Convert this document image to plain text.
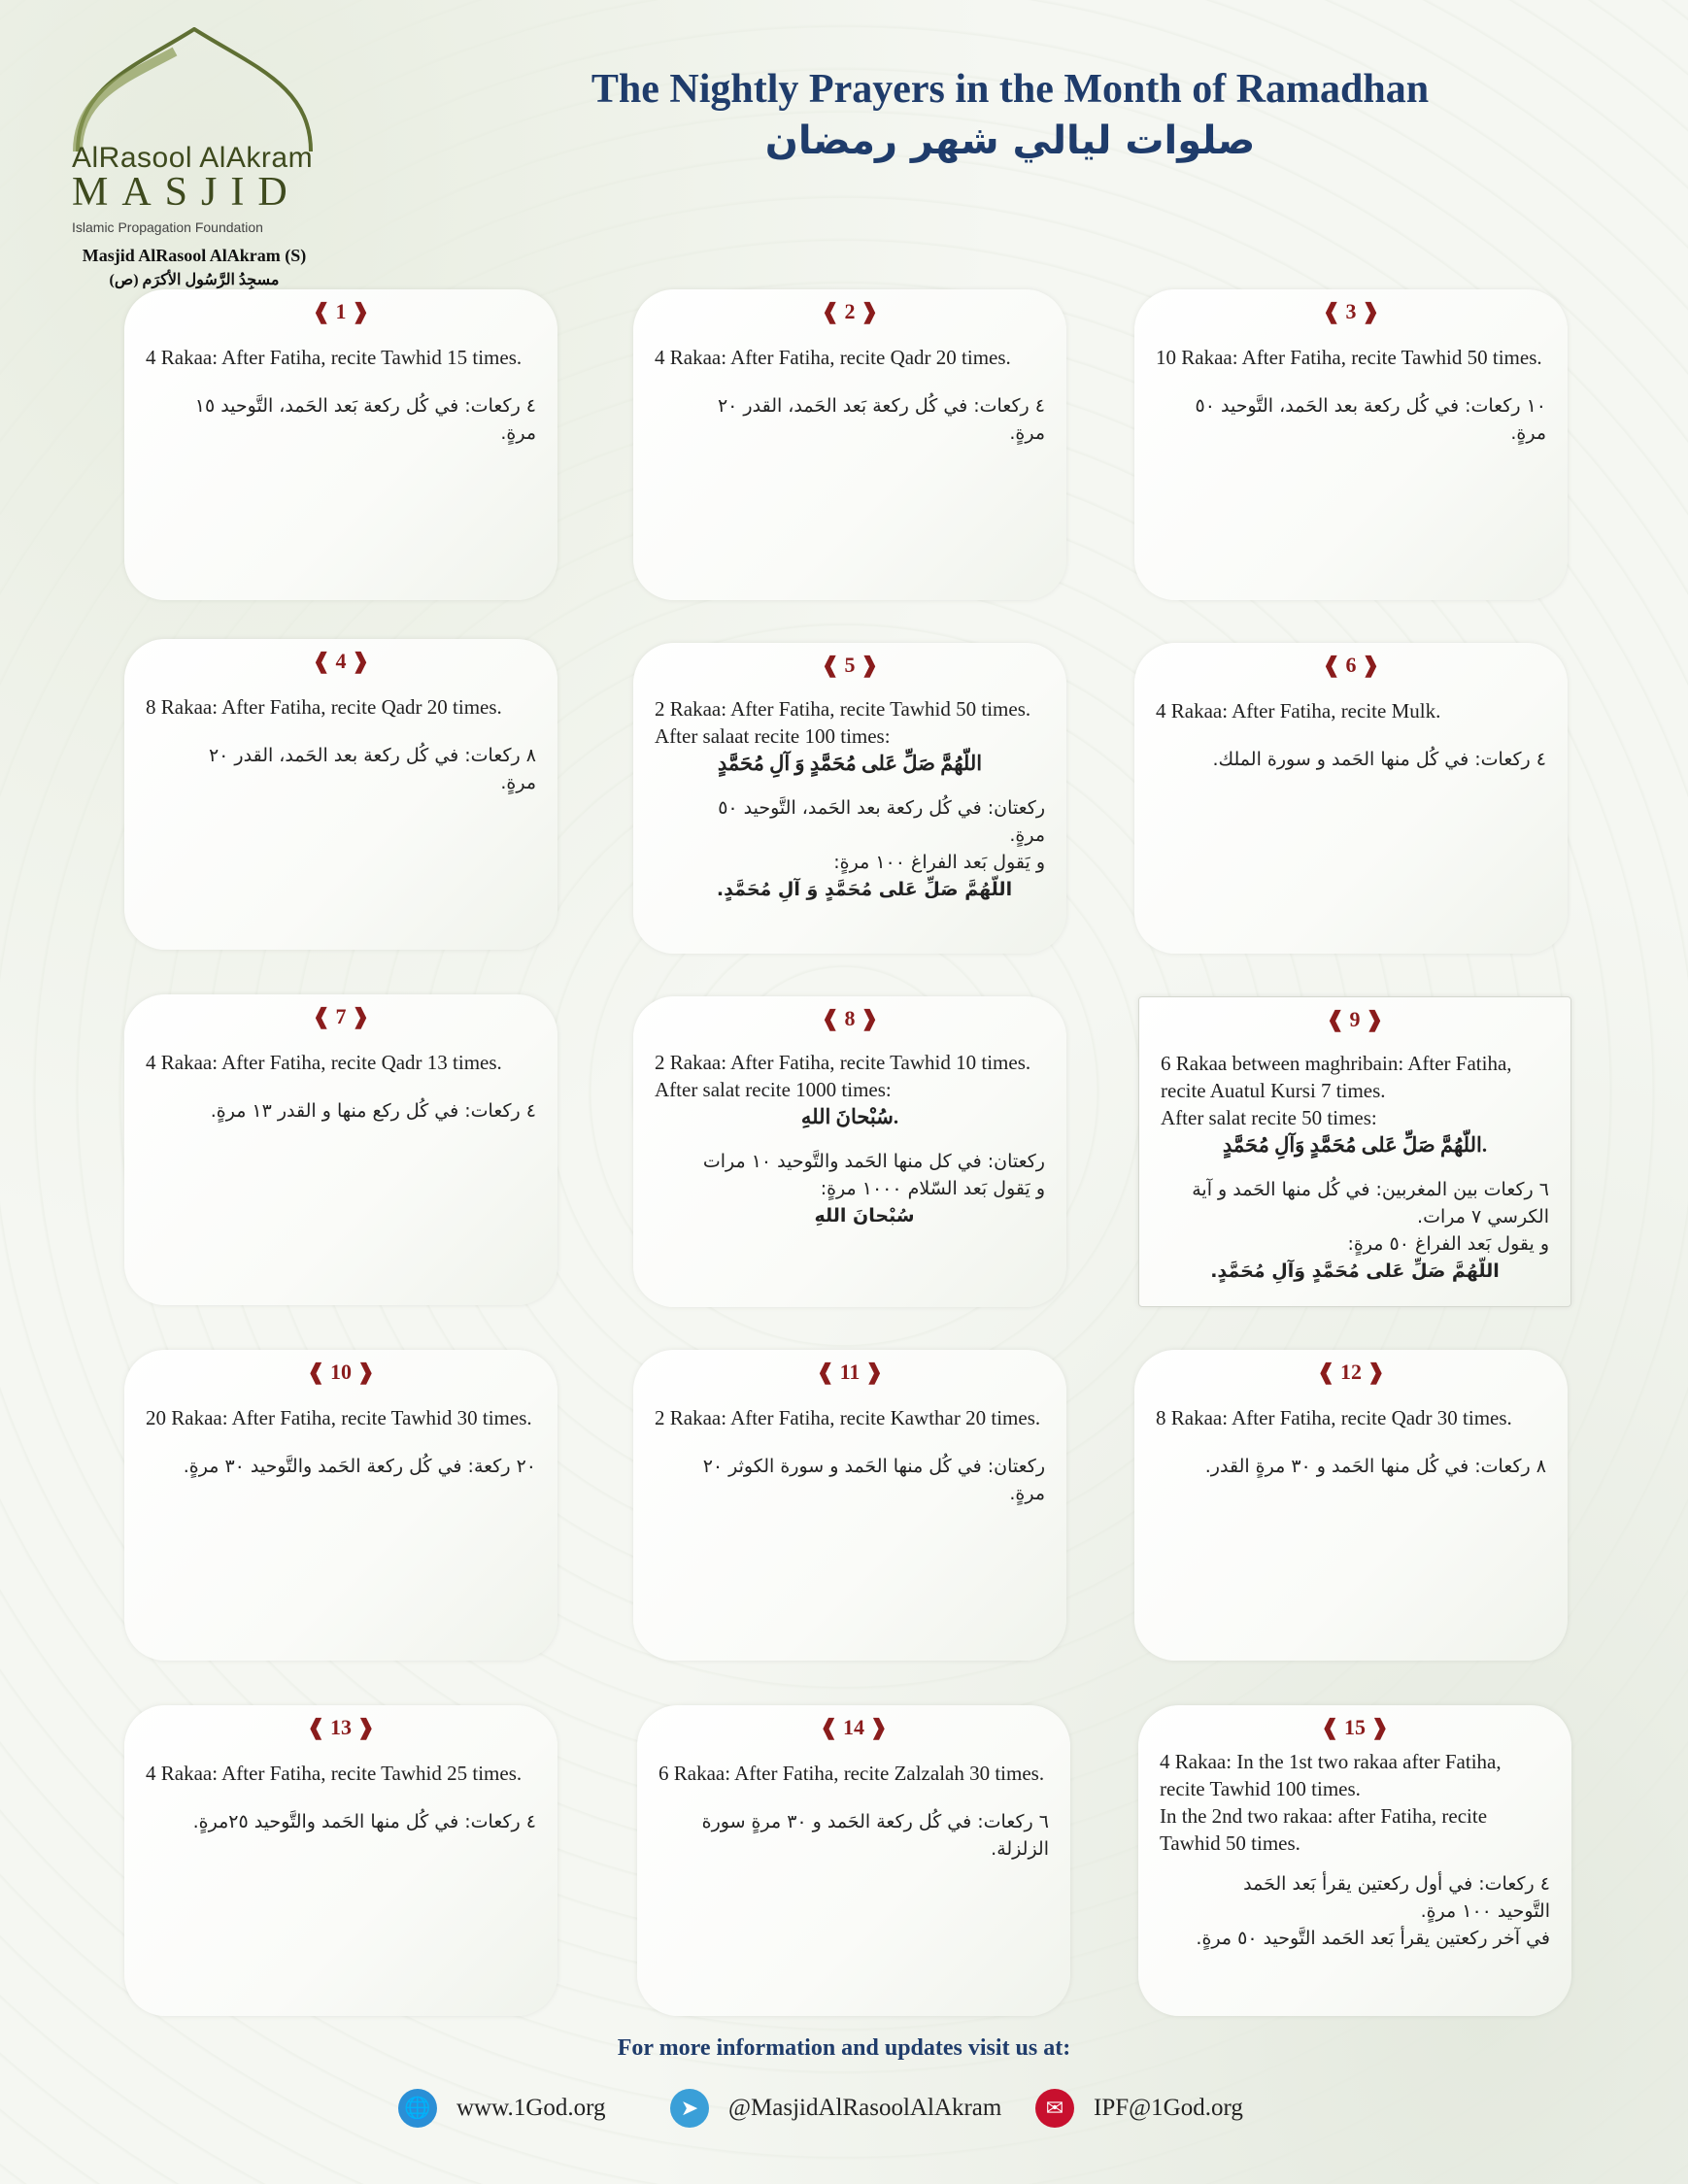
AlRasool AlAkram
MASJID
Islamic Propagation Foundation
Masjid AlRasool AlAkram (S)
مسجِدُ الرَّسُول الأكرَم (ص)
The Nightly Prayers in the Month of Ramadhan
صلوات ليالي شهر رمضان
❰ 1 ❱
4 Rakaa: After Fatiha, recite Tawhid 15 times.
٤ ركعات: في كُل ركعة بَعد الحَمد، التَّوحيد ١٥ مرةٍ.
❰ 2 ❱
4 Rakaa: After Fatiha, recite Qadr 20 times.
٤ ركعات: في كُل ركعة بَعد الحَمد، القدر ٢٠ مرةٍ.
❰ 3 ❱
10 Rakaa: After Fatiha, recite Tawhid 50 times.
١٠ ركعات: في كُل ركعة بعد الحَمد، التَّوحيد ٥٠ مرةٍ.
❰ 4 ❱
8 Rakaa: After Fatiha, recite Qadr 20 times.
٨ ركعات: في كُل ركعة بعد الحَمد، القدر ٢٠ مرةٍ.
❰ 5 ❱
2 Rakaa: After Fatiha, recite Tawhid 50 times.
After salaat recite 100 times:
اللّهُمَّ صَلِّ عَلى مُحَمَّدٍ وَ آلِ مُحَمَّدٍ
ركعتان: في كُل ركعة بعد الحَمد، التَّوحيد ٥٠ مرةٍ.
و يَقول بَعد الفراغ ١٠٠ مرةٍ:
اللّهُمَّ صَلِّ عَلى مُحَمَّدٍ وَ آلِ مُحَمَّدٍ.
❰ 6 ❱
4 Rakaa: After Fatiha, recite Mulk.
٤ ركعات: في كُل منها الحَمد و سورة الملك.
❰ 7 ❱
4 Rakaa: After Fatiha, recite Qadr 13 times.
٤ ركعات: في كُل ركع منها و القدر ١٣ مرةٍ.
❰ 8 ❱
2 Rakaa: After Fatiha, recite Tawhid 10 times.
After salat recite 1000 times:
سُبْحانَ اللهِ.
ركعتان: في كل منها الحَمد والتَّوحيد ١٠ مرات
و يَقول بَعد السّلام ١٠٠٠ مرةٍ:
سُبْحانَ اللهِ
❰ 9 ❱
6 Rakaa between maghribain: After Fatiha, recite Auatul Kursi 7 times.
After salat recite 50 times:
اللّهُمَّ صَلِّ عَلى مُحَمَّدٍ وَآلِ مُحَمَّدٍ.
٦ ركعات بين المغربين: في كُل منها الحَمد و آية الكرسي ٧ مرات.
و يقول بَعد الفراغ ٥٠ مرةٍ:
اللّهُمَّ صَلِّ عَلى مُحَمَّدٍ وَآلِ مُحَمَّدٍ.
❰ 10 ❱
20 Rakaa: After Fatiha, recite Tawhid 30 times.
٢٠ ركعة: في كُل ركعة الحَمد والتَّوحيد ٣٠ مرةٍ.
❰ 11 ❱
2 Rakaa: After Fatiha, recite Kawthar 20 times.
ركعتان: في كُل منها الحَمد و سورة الكوثر ٢٠ مرةٍ.
❰ 12 ❱
8 Rakaa: After Fatiha, recite Qadr 30 times.
٨ ركعات: في كُل منها الحَمد و ٣٠ مرةٍ القدر.
❰ 13 ❱
4 Rakaa: After Fatiha, recite Tawhid 25 times.
٤ ركعات: في كُل منها الحَمد والتَّوحيد ٢٥مرةٍ.
❰ 14 ❱
6 Rakaa: After Fatiha, recite Zalzalah 30 times.
٦ ركعات: في كُل ركعة الحَمد و ٣٠ مرةٍ سورة الزلزلة.
❰ 15 ❱
4 Rakaa: In the 1st two rakaa after Fatiha, recite Tawhid 100 times.
In the 2nd two rakaa: after Fatiha, recite Tawhid 50 times.
٤ ركعات: في أول ركعتين يقرأ بَعد الحَمد التَّوحيد ١٠٠ مرةٍ.
في آخر ركعتين يقرأ بَعد الحَمد التَّوحيد ٥٠ مرةٍ.
For more information and updates visit us at:
🌐 www.1God.org	➤	@MasjidAlRasoolAlAkram	✉	IPF@1God.org
